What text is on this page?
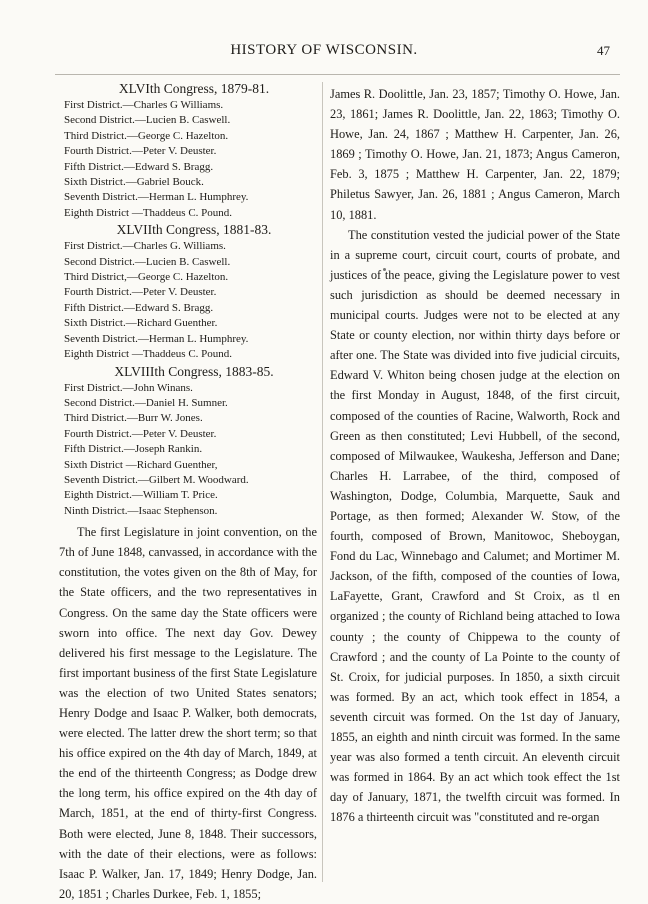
HISTORY OF WISCONSIN.	47
XLVIth Congress, 1879-81.
First District.—Charles G Williams.
Second District.—Lucien B. Caswell.
Third District.—George C. Hazelton.
Fourth District.—Peter V. Deuster.
Fifth District.—Edward S. Bragg.
Sixth District.—Gabriel Bouck.
Seventh District.—Herman L. Humphrey.
Eighth District —Thaddeus C. Pound.
XLVIIth Congress, 1881-83.
First District.—Charles G. Williams.
Second District.—Lucien B. Caswell.
Third District,—George C. Hazelton.
Fourth District.—Peter V. Deuster.
Fifth District.—Edward S. Bragg.
Sixth District.—Richard Guenther.
Seventh District.—Herman L. Humphrey.
Eighth District —Thaddeus C. Pound.
XLVIIIth Congress, 1883-85.
First District.—John Winans.
Second District.—Daniel H. Sumner.
Third District.—Burr W. Jones.
Fourth District.—Peter V. Deuster.
Fifth District.—Joseph Rankin.
Sixth District —Richard Guenther,
Seventh District.—Gilbert M. Woodward.
Eighth District.—William T. Price.
Ninth District.—Isaac Stephenson.

The first Legislature in joint convention, on the 7th of June 1848, canvassed, in accordance with the constitution, the votes given on the 8th of May, for the State officers, and the two representatives in Congress. On the same day the State officers were sworn into office. The next day Gov. Dewey delivered his first message to the Legislature. The first important business of the first State Legislature was the election of two United States senators; Henry Dodge and Isaac P. Walker, both democrats, were elected. The latter drew the short term; so that his office expired on the 4th day of March, 1849, at the end of the thirteenth Congress; as Dodge drew the long term, his office expired on the 4th day of March, 1851, at the end of thirty-first Congress. Both were elected, June 8, 1848. Their successors, with the date of their elections, were as follows: Isaac P. Walker, Jan. 17, 1849; Henry Dodge, Jan. 20, 1851 ; Charles Durkee, Feb. 1, 1855;

James R. Doolittle, Jan. 23, 1857; Timothy O. Howe, Jan. 23, 1861; James R. Doolittle, Jan. 22, 1863; Timothy O. Howe, Jan. 24, 1867 ; Matthew H. Carpenter, Jan. 26, 1869 ; Timothy O. Howe, Jan. 21, 1873; Angus Cameron, Feb. 3, 1875 ; Matthew H. Carpenter, Jan. 22, 1879; Philetus Sawyer, Jan. 26, 1881 ; Angus Cameron, March 10, 1881.

The constitution vested the judicial power of the State in a supreme court, circuit court, courts of probate, and justices of the peace, giving the Legislature power to vest such jurisdiction as should be deemed necessary in municipal courts. Judges were not to be elected at any State or county election, nor within thirty days before or after one. The State was divided into five judicial circuits, Edward V. Whiton being chosen judge at the election on the first Monday in August, 1848, of the first circuit, composed of the counties of Racine, Walworth, Rock and Green as then constituted; Levi Hubbell, of the second, composed of Milwaukee, Waukesha, Jefferson and Dane; Charles H. Larrabee, of the third, composed of Washington, Dodge, Columbia, Marquette, Sauk and Portage, as then formed; Alexander W. Stow, of the fourth, composed of Brown, Manitowoc, Sheboygan, Fond du Lac, Winnebago and Calumet; and Mortimer M. Jackson, of the fifth, composed of the counties of Iowa, LaFayette, Grant, Crawford and St Croix, as tl en organized ; the county of Richland being attached to Iowa county ; the county of Chippewa to the county of Crawford ; and the county of La Pointe to the county of St. Croix, for judicial purposes. In 1850, a sixth circuit was formed. By an act, which took effect in 1854, a seventh circuit was formed. On the 1st day of January, 1855, an eighth and ninth circuit was formed. In the same year was also formed a tenth circuit. An eleventh circuit was formed in 1864. By an act which took effect the 1st day of January, 1871, the twelfth circuit was formed. In 1876 a thirteenth circuit was "constituted and re-organ
